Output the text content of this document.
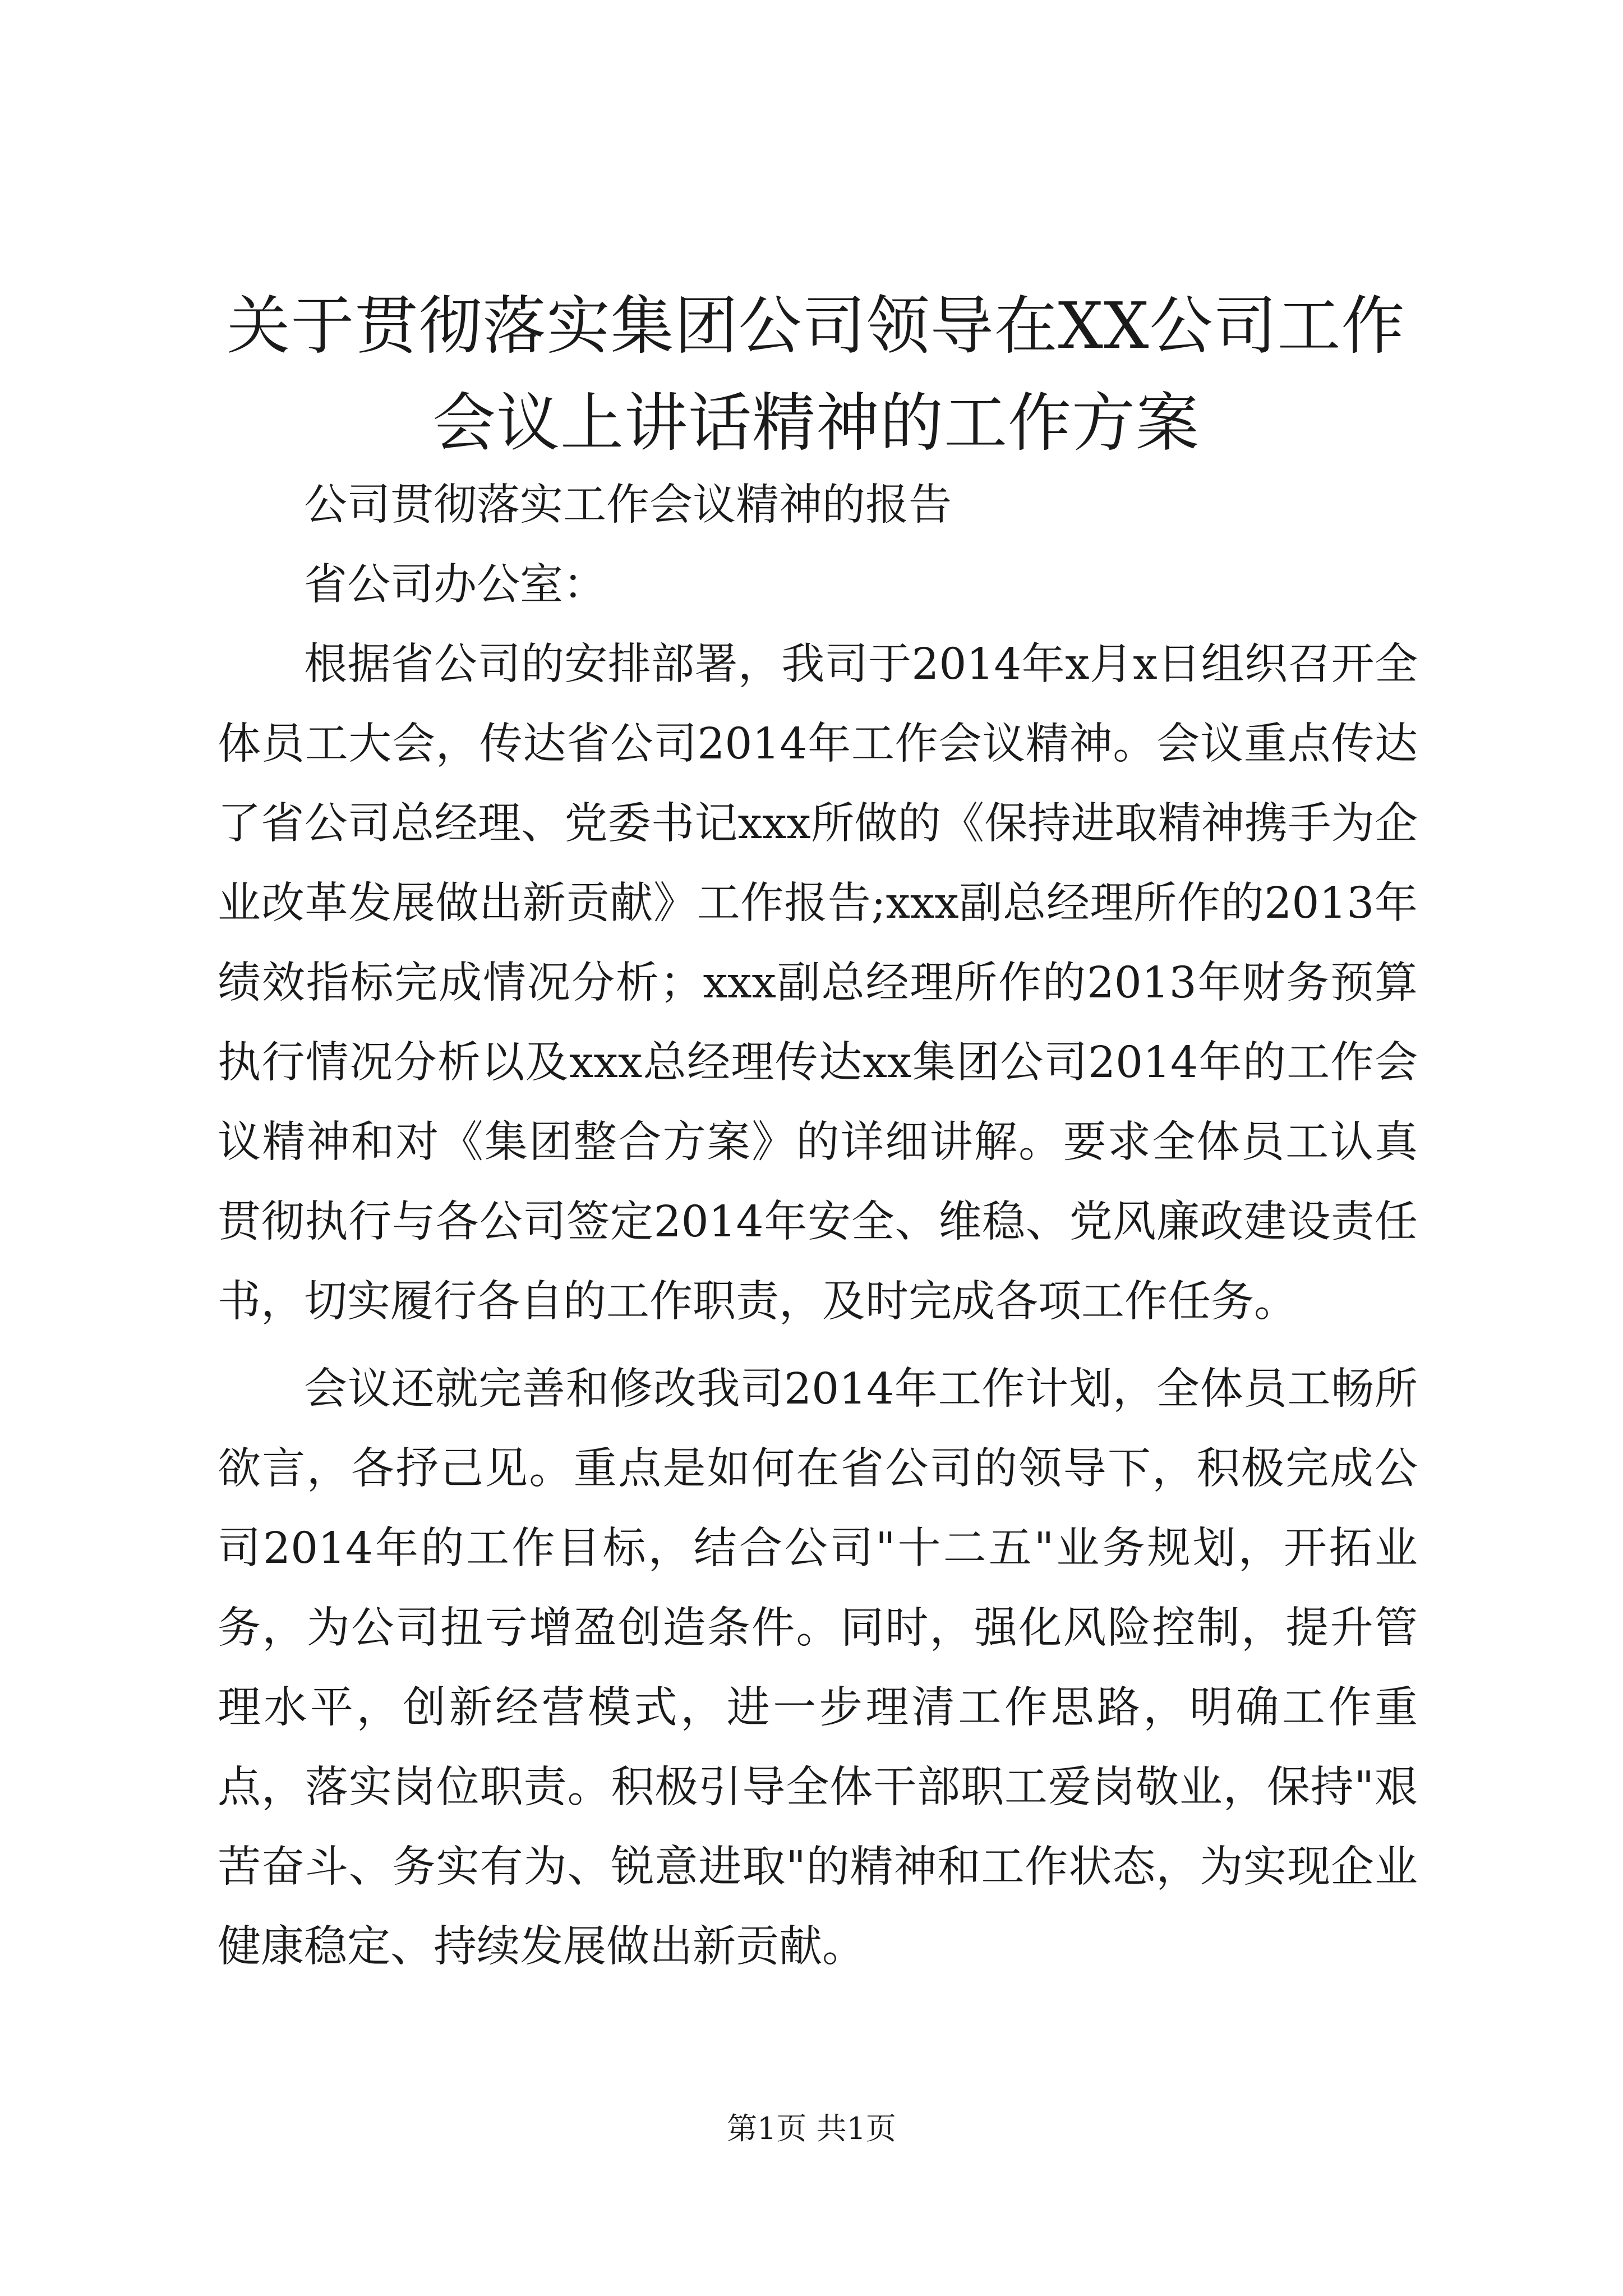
关于贯彻落实集团公司领导在XX公司工作会议上讲话精神的工作方案

公司贯彻落实工作会议精神的报告

省公司办公室：

根据省公司的安排部署，我司于2014年x月x日组织召开全体员工大会，传达省公司2014年工作会议精神。会议重点传达了省公司总经理、党委书记xxx所做的《保持进取精神携手为企业改革发展做出新贡献》工作报告;xxx副总经理所作的2013年绩效指标完成情况分析；xxx副总经理所作的2013年财务预算执行情况分析以及xxx总经理传达xx集团公司2014年的工作会议精神和对《集团整合方案》的详细讲解。要求全体员工认真贯彻执行与各公司签定2014年安全、维稳、党风廉政建设责任书，切实履行各自的工作职责，及时完成各项工作任务。

会议还就完善和修改我司2014年工作计划，全体员工畅所欲言，各抒己见。重点是如何在省公司的领导下，积极完成公司2014年的工作目标，结合公司"十二五"业务规划，开拓业务，为公司扭亏增盈创造条件。同时，强化风险控制，提升管理水平，创新经营模式，进一步理清工作思路，明确工作重点，落实岗位职责。积极引导全体干部职工爱岗敬业，保持"艰苦奋斗、务实有为、锐意进取"的精神和工作状态，为实现企业健康稳定、持续发展做出新贡献。

第1页 共1页
